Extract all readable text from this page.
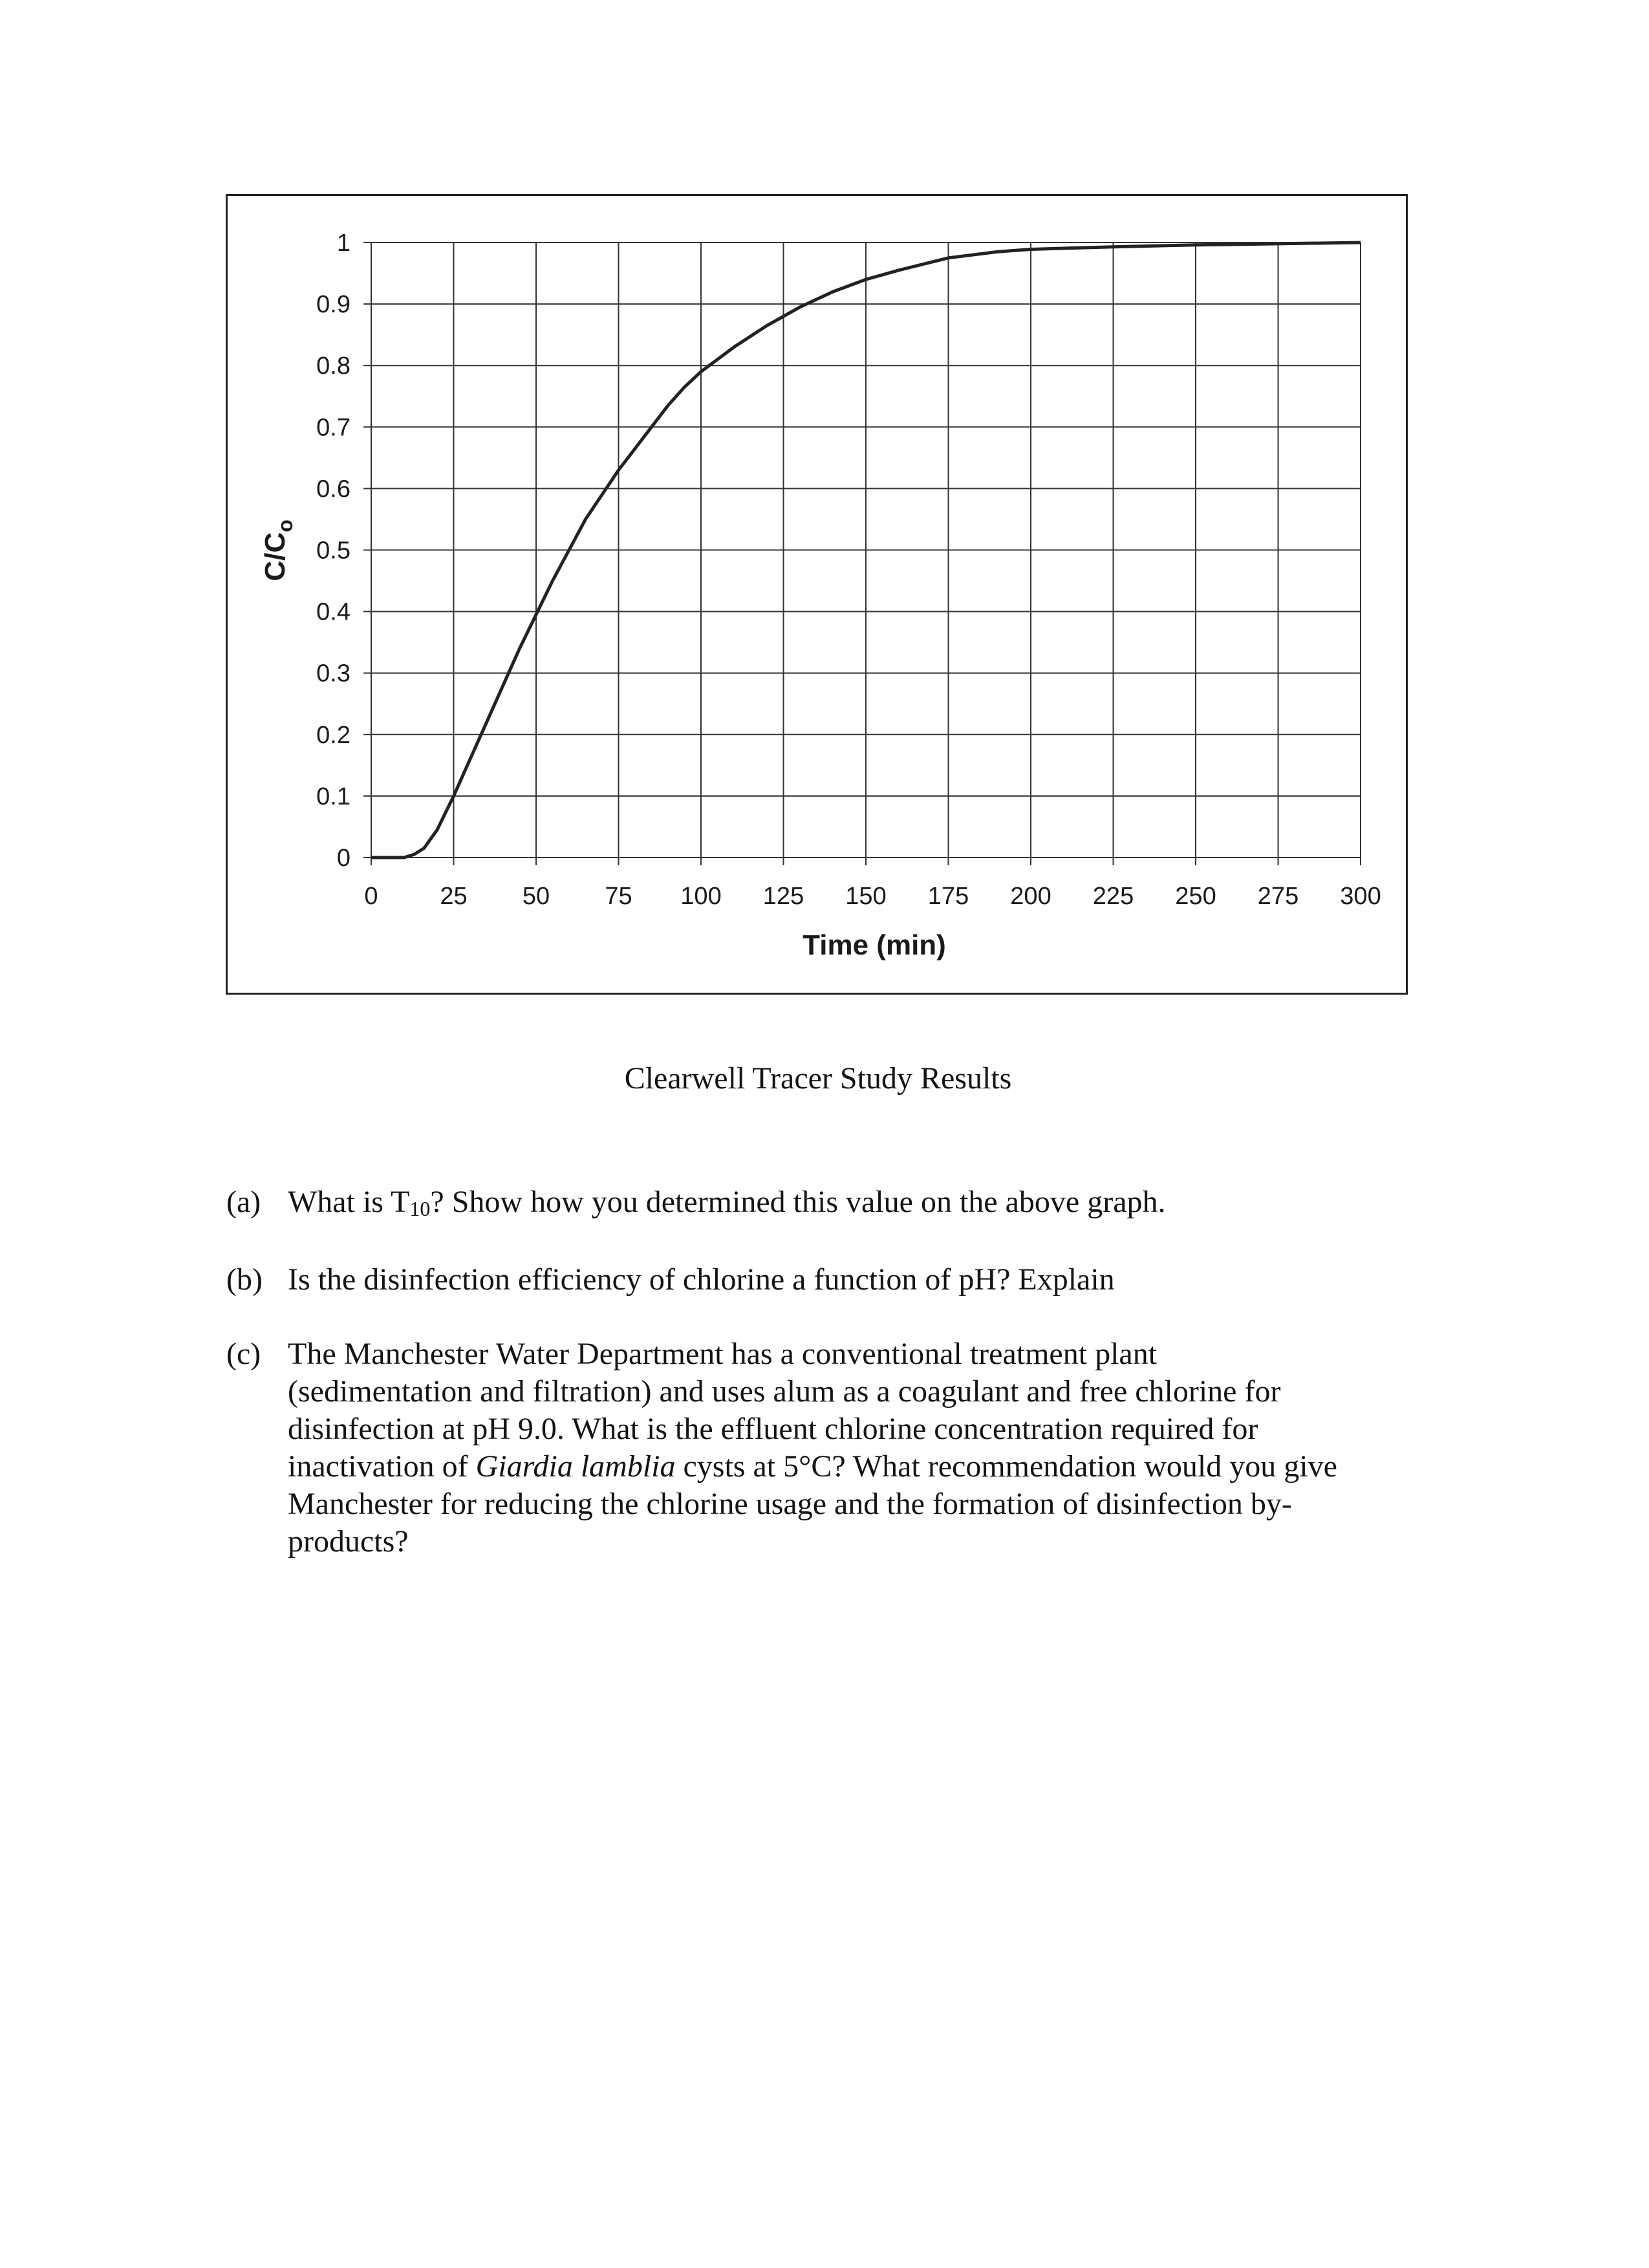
0	25 50 75 100 125 150 175 200 225 250 275 300
0
0.1
0.2
0.3
0.4
0.5
0.6
0.7
0.8
0.9
1
Time (min)
$C/C_o$
Clearwell Tracer Study Results
(a) What is $T_{10}$? Show how you determined this value on the above graph.
(b) Is the disinfection efficiency of chlorine a function of pH? Explain
(c) The Manchester Water Department has a conventional treatment plant
(sedimentation and filtration) and uses alum as a coagulant and free chlorine for
disinfection at pH 9.0. What is the effluent chlorine concentration required for
inactivation of Giardia lamblia cysts at 5°C? What recommendation would you give
Manchester for reducing the chlorine usage and the formation of disinfection by-
products?
